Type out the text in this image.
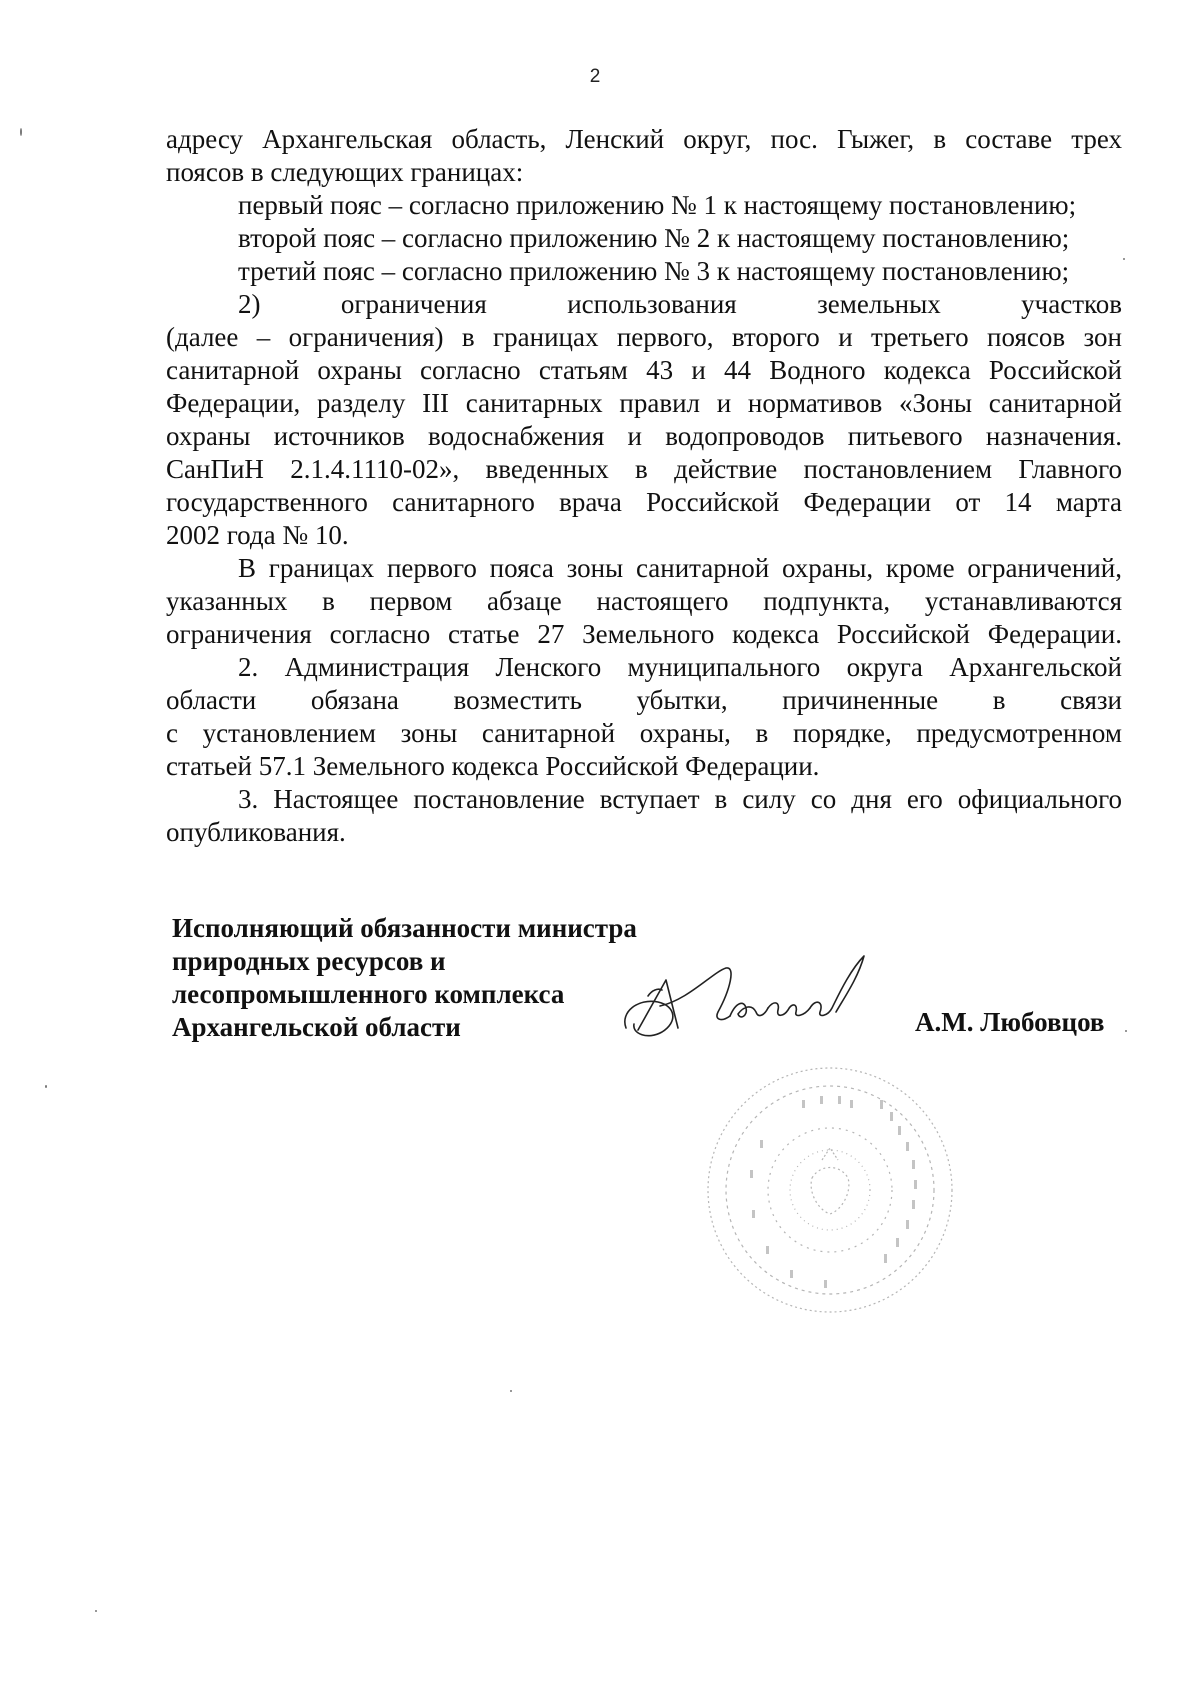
2
адресу Архангельская область, Ленский округ, пос. Гыжег, в составе трех
поясов в следующих границах:
первый пояс – согласно приложению № 1 к настоящему постановлению;
второй пояс – согласно приложению № 2 к настоящему постановлению;
третий пояс – согласно приложению № 3 к настоящему постановлению;
2) ограничения использования земельных участков
(далее – ограничения) в границах первого, второго и третьего поясов зон
санитарной охраны согласно статьям 43 и 44 Водного кодекса Российской
Федерации, разделу III санитарных правил и нормативов «Зоны санитарной
охраны источников водоснабжения и водопроводов питьевого назначения.
СанПиН 2.1.4.1110-02», введенных в действие постановлением Главного
государственного санитарного врача Российской Федерации от 14 марта
2002 года № 10.
В границах первого пояса зоны санитарной охраны, кроме ограничений,
указанных в первом абзаце настоящего подпункта, устанавливаются
ограничения согласно статье 27 Земельного кодекса Российской Федерации.
2. Администрация Ленского муниципального округа Архангельской
области обязана возместить убытки, причиненные в связи
с установлением зоны санитарной охраны, в порядке, предусмотренном
статьей 57.1 Земельного кодекса Российской Федерации.
3. Настоящее постановление вступает в силу со дня его официального
опубликования.
Исполняющий обязанности министра
природных ресурсов и
лесопромышленного комплекса
Архангельской области	А.М. Любовцов
